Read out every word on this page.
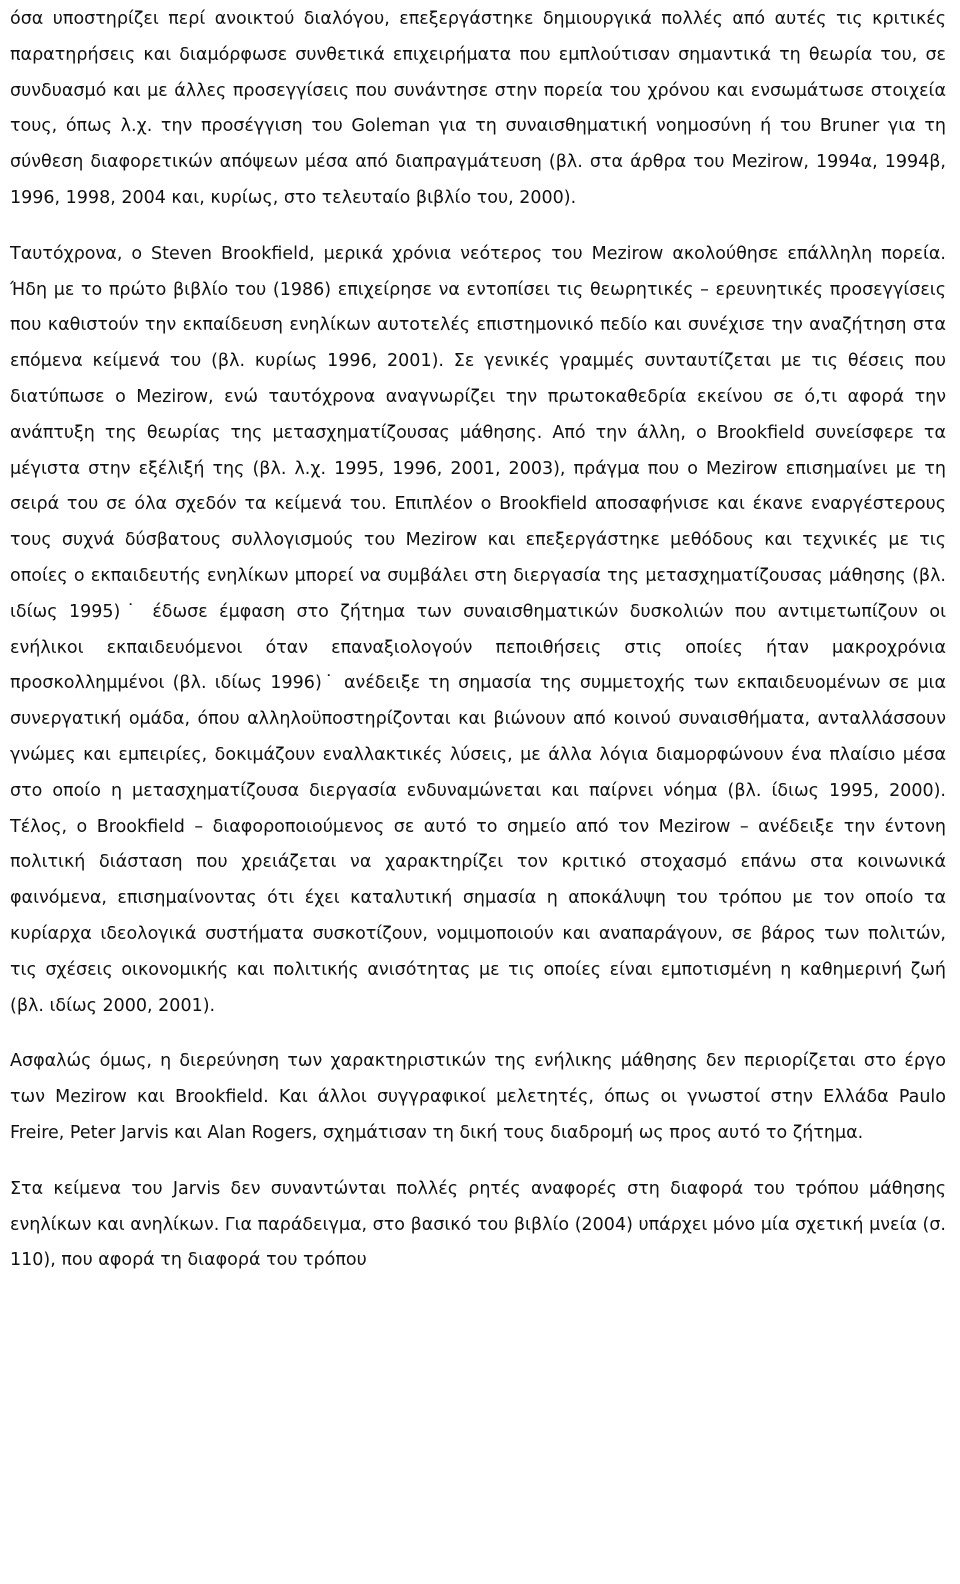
όσα υποστηρίζει περί ανοικτού διαλόγου, επεξεργάστηκε δημιουργικά πολλές από αυτές τις κριτικές παρατηρήσεις και διαμόρφωσε συνθετικά επιχειρήματα που εμπλούτισαν σημαντικά τη θεωρία του, σε συνδυασμό και με άλλες προσεγγίσεις που συνάντησε στην πορεία του χρόνου και ενσωμάτωσε στοιχεία τους, όπως λ.χ. την προσέγγιση του Goleman για τη συναισθηματική νοημοσύνη ή του Bruner για τη σύνθεση διαφορετικών απόψεων μέσα από διαπραγμάτευση (βλ. στα άρθρα του Mezirow, 1994α, 1994β, 1996, 1998, 2004 και, κυρίως, στο τελευταίο βιβλίο του, 2000).

Ταυτόχρονα, ο Steven Brookfield, μερικά χρόνια νεότερος του Mezirow ακολούθησε επάλληλη πορεία. Ήδη με το πρώτο βιβλίο του (1986) επιχείρησε να εντοπίσει τις θεωρητικές – ερευνητικές προσεγγίσεις που καθιστούν την εκπαίδευση ενηλίκων αυτοτελές επιστημονικό πεδίο και συνέχισε την αναζήτηση στα επόμενα κείμενά του (βλ. κυρίως 1996, 2001). Σε γενικές γραμμές συνταυτίζεται με τις θέσεις που διατύπωσε ο Mezirow, ενώ ταυτόχρονα αναγνωρίζει την πρωτοκαθεδρία εκείνου σε ό,τι αφορά την ανάπτυξη της θεωρίας της μετασχηματίζουσας μάθησης. Από την άλλη, ο Brookfield συνείσφερε τα μέγιστα στην εξέλιξή της (βλ. λ.χ. 1995, 1996, 2001, 2003), πράγμα που ο Mezirow επισημαίνει με τη σειρά του σε όλα σχεδόν τα κείμενά του. Επιπλέον ο Brookfield αποσαφήνισε και έκανε εναργέστερους τους συχνά δύσβατους συλλογισμούς του Mezirow και επεξεργάστηκε μεθόδους και τεχνικές με τις οποίες ο εκπαιδευτής ενηλίκων μπορεί να συμβάλει στη διεργασία της μετασχηματίζουσας μάθησης (βλ. ιδίως 1995)˙ έδωσε έμφαση στο ζήτημα των συναισθηματικών δυσκολιών που αντιμετωπίζουν οι ενήλικοι εκπαιδευόμενοι όταν επαναξιολογούν πεποιθήσεις στις οποίες ήταν μακροχρόνια προσκολλημμένοι (βλ. ιδίως 1996)˙ ανέδειξε τη σημασία της συμμετοχής των εκπαιδευομένων σε μια συνεργατική ομάδα, όπου αλληλοϋποστηρίζονται και βιώνουν από κοινού συναισθήματα, ανταλλάσσουν γνώμες και εμπειρίες, δοκιμάζουν εναλλακτικές λύσεις, με άλλα λόγια διαμορφώνουν ένα πλαίσιο μέσα στο οποίο η μετασχηματίζουσα διεργασία ενδυναμώνεται και παίρνει νόημα (βλ. ίδιως 1995, 2000). Τέλος, ο Brookfield – διαφοροποιούμενος σε αυτό το σημείο από τον Mezirow – ανέδειξε την έντονη πολιτική διάσταση που χρειάζεται να χαρακτηρίζει τον κριτικό στοχασμό επάνω στα κοινωνικά φαινόμενα, επισημαίνοντας ότι έχει καταλυτική σημασία η αποκάλυψη του τρόπου με τον οποίο τα κυρίαρχα ιδεολογικά συστήματα συσκοτίζουν, νομιμοποιούν και αναπαράγουν, σε βάρος των πολιτών, τις σχέσεις οικονομικής και πολιτικής ανισότητας με τις οποίες είναι εμποτισμένη η καθημερινή ζωή (βλ. ιδίως 2000, 2001).

Ασφαλώς όμως, η διερεύνηση των χαρακτηριστικών της ενήλικης μάθησης δεν περιορίζεται στο έργο των Mezirow και Brookfield. Και άλλοι συγγραφικοί μελετητές, όπως οι γνωστοί στην Ελλάδα Paulo Freire, Peter Jarvis και Alan Rogers, σχημάτισαν τη δική τους διαδρομή ως προς αυτό το ζήτημα.

Στα κείμενα του Jarvis δεν συναντώνται πολλές ρητές αναφορές στη διαφορά του τρόπου μάθησης ενηλίκων και ανηλίκων. Για παράδειγμα, στο βασικό του βιβλίο (2004) υπάρχει μόνο μία σχετική μνεία (σ. 110), που αφορά τη διαφορά του τρόπου
